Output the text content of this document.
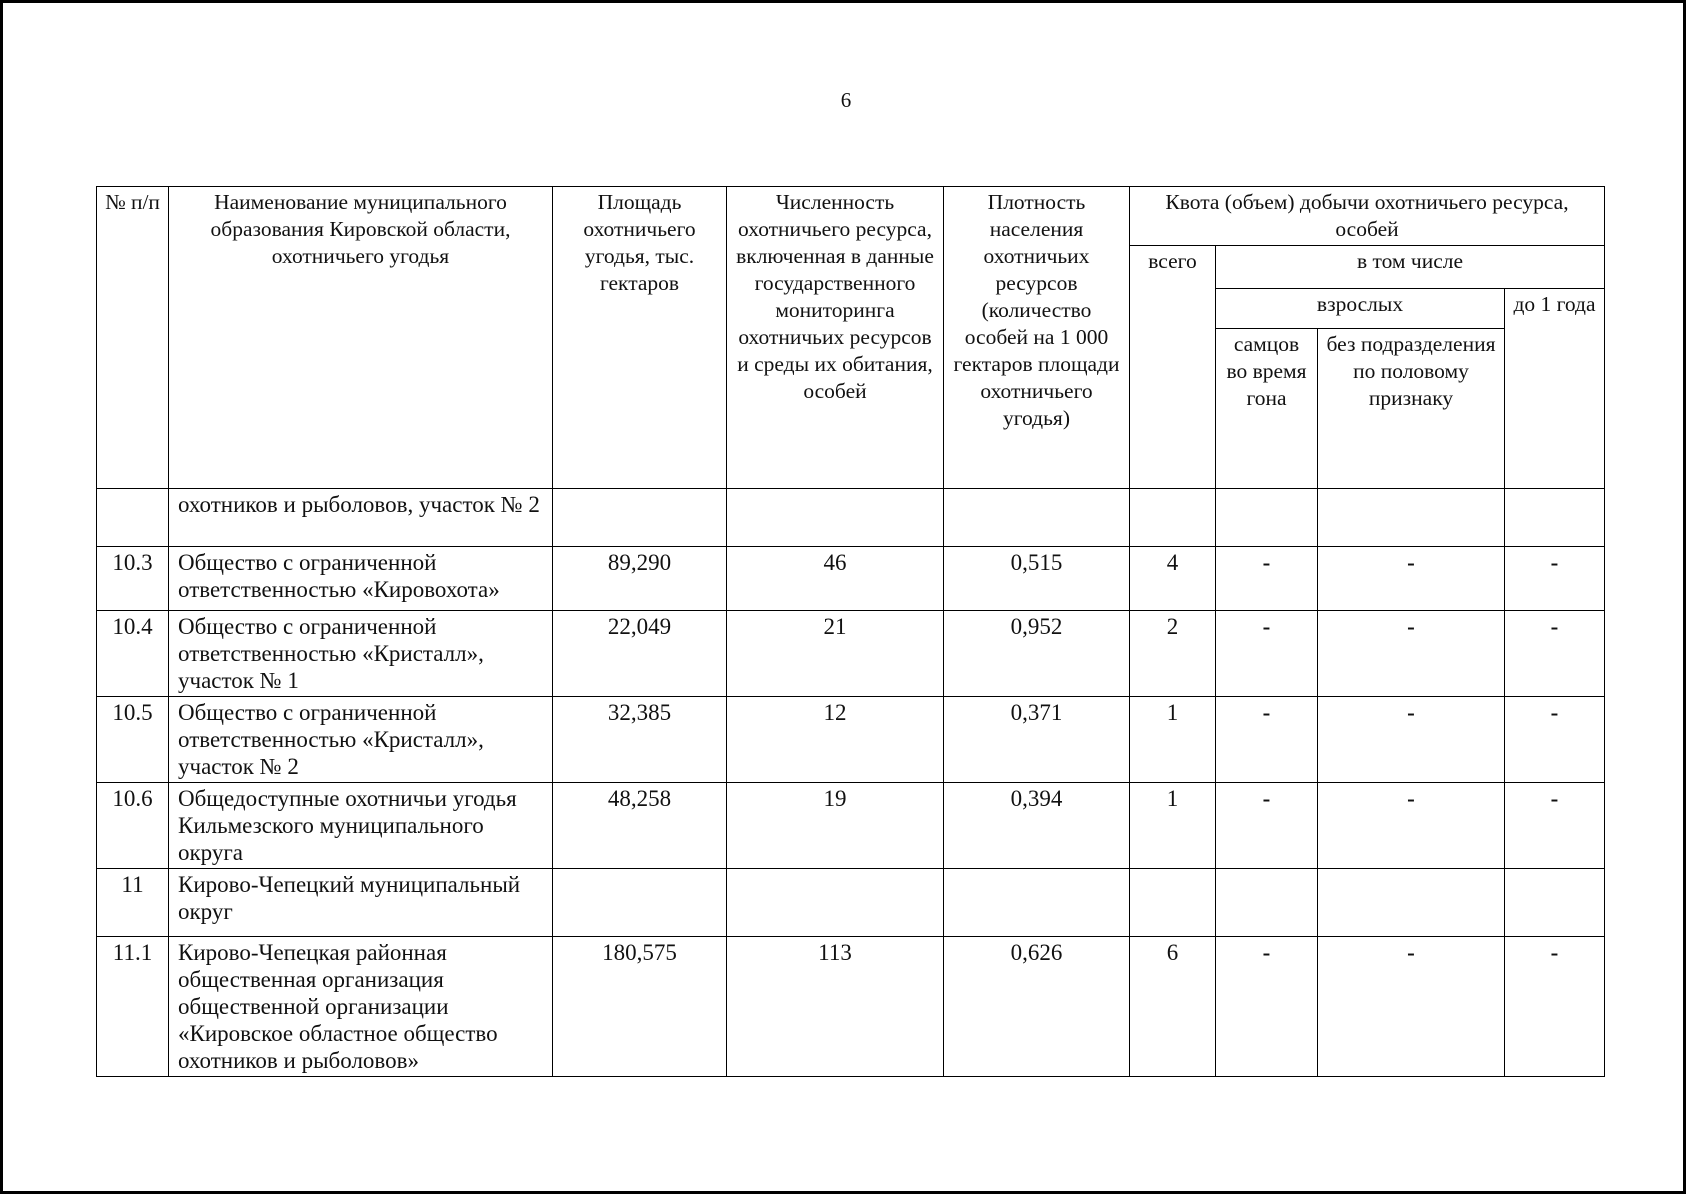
6
№ п/п	Наименование муниципального образования Кировской области, охотничьего угодья	Площадь охотничьего угодья, тыс. гектаров	Численность охотничьего ресурса, включенная в данные государственного мониторинга охотничьих ресурсов и среды их обитания, особей	Плотность населения охотничьих ресурсов (количество особей на 1 000 гектаров площади охотничьего угодья)	Квота (объем) добычи охотничьего ресурса, особей			
					всего	в том числе		
						взрослых		до 1 года
						самцов во время гона	без подразделения по половому признаку	
	охотников и рыболовов, участок № 2							
10.3	Общество с ограниченной ответственностью «Кировохота»	89,290	46	0,515	4	-	-	-
10.4	Общество с ограниченной ответственностью «Кристалл», участок № 1	22,049	21	0,952	2	-	-	-
10.5	Общество с ограниченной ответственностью «Кристалл», участок № 2	32,385	12	0,371	1	-	-	-
10.6	Общедоступные охотничьи угодья Кильмезского муниципального округа	48,258	19	0,394	1	-	-	-
11	Кирово-Чепецкий муниципальный округ							
11.1	Кирово-Чепецкая районная общественная организация общественной организации «Кировское областное общество охотников и рыболовов»	180,575	113	0,626	6	-	-	-
